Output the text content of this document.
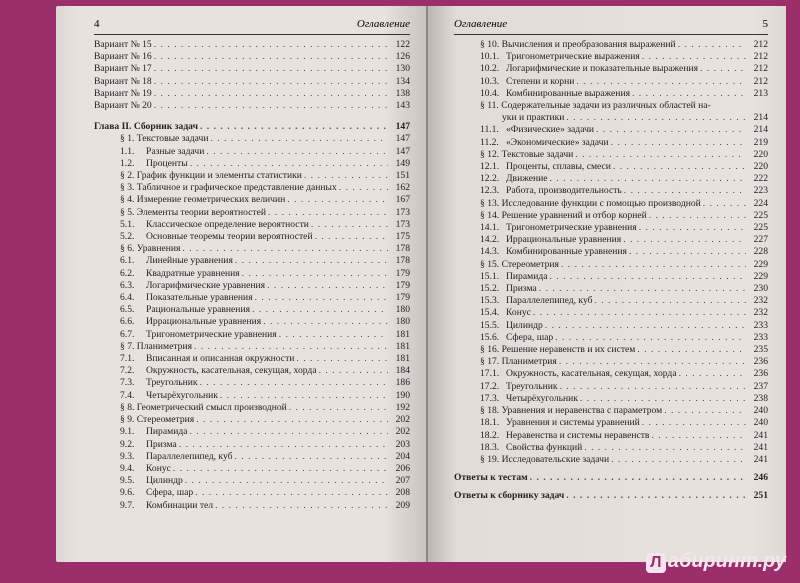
4	Оглавление
Вариант № 15 . . .	122
Вариант № 16 . . .	126
Вариант № 17 . . .	130
Вариант № 18 . . .	134
Вариант № 19 . . .	138
Вариант № 20 . . .	143
Глава II. Сборник задач . . .	147
§ 1. Текстовые задачи . . .	147
1.1.	Разные задачи . . .	147
1.2.	Проценты . . .	149
§ 2. График функции и элементы статистики . . .	151
§ 3. Табличное и графическое представление данных . . .	162
§ 4. Измерение геометрических величин . . .	167
§ 5. Элементы теории вероятностей . . .	173
5.1.	Классическое определение вероятности . . .	173
5.2.	Основные теоремы теории вероятностей . . .	175
§ 6. Уравнения . . .	178
6.1.	Линейные уравнения . . .	178
6.2.	Квадратные уравнения . . .	179
6.3.	Логарифмические уравнения . . .	179
6.4.	Показательные уравнения . . .	179
6.5.	Рациональные уравнения . . .	180
6.6.	Иррациональные уравнения . . .	180
6.7.	Тригонометрические уравнения . . .	181
§ 7. Планиметрия . . .	181
7.1.	Вписанная и описанная окружности . . .	181
7.2.	Окружность, касательная, секущая, хорда . . .	184
7.3.	Треугольник . . .	186
7.4.	Четырёхугольник . . .	190
§ 8. Геометрический смысл производной . . .	192
§ 9. Стереометрия . . .	202
9.1.	Пирамида . . .	202
9.2.	Призма . . .	203
9.3.	Параллелепипед, куб . . .	204
9.4.	Конус . . .	206
9.5.	Цилиндр . . .	207
9.6.	Сфера, шар . . .	208
9.7.	Комбинации тел . . .	209
Оглавление	5
§ 10. Вычисления и преобразования выражений . . .	212
10.1. Тригонометрические выражения . . .	212
10.2. Логарифмические и показательные выражения . . .	212
10.3. Степени и корни . . .	212
10.4. Комбинированные выражения . . .	213
§ 11. Содержательные задачи из различных областей на-
уки и практики . . .	214
11.1. «Физические» задачи . . .	214
11.2. «Экономические» задачи . . .	219
§ 12. Текстовые задачи . . .	220
12.1. Проценты, сплавы, смеси . . .	220
12.2. Движение . . .	222
12.3. Работа, производительность . . .	223
§ 13. Исследование функции с помощью производной . . .	224
§ 14. Решение уравнений и отбор корней . . .	225
14.1. Тригонометрические уравнения . . .	225
14.2. Иррациональные уравнения . . .	227
14.3. Комбинированные уравнения . . .	228
§ 15. Стереометрия . . .	229
15.1. Пирамида . . .	229
15.2. Призма . . .	230
15.3. Параллелепипед, куб . . .	232
15.4. Конус . . .	232
15.5. Цилиндр . . .	233
15.6. Сфера, шар . . .	233
§ 16. Решение неравенств и их систем . . .	235
§ 17. Планиметрия . . .	236
17.1. Окружность, касательная, секущая, хорда . . .	236
17.2. Треугольник . . .	237
17.3. Четырёхугольник . . .	238
§ 18. Уравнения и неравенства с параметром . . .	240
18.1. Уравнения и системы уравнений . . .	240
18.2. Неравенства и системы неравенств . . .	241
18.3. Свойства функций . . .	241
§ 19. Исследовательские задачи . . .	241
Ответы к тестам . . .	246
Ответы к сборнику задач . . .	251
Л абиринт.ру
